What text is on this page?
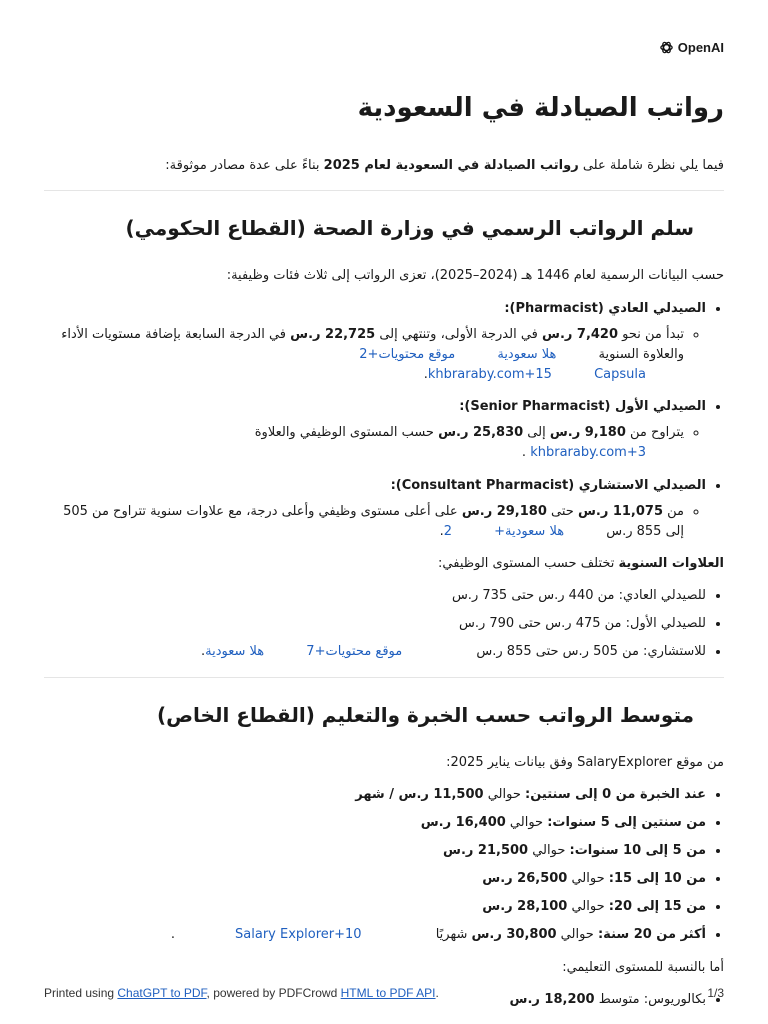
OpenAI
رواتب الصيادلة في السعودية

فيما يلي نظرة شاملة على رواتب الصيادلة في السعودية لعام 2025 بناءً على عدة مصادر موثوقة:

سلم الرواتب الرسمي في وزارة الصحة (القطاع الحكومي)

حسب البيانات الرسمية لعام 1446 هـ (2024–2025)، تعزى الرواتب إلى ثلاث فئات وظيفية:

• الصيدلي العادي (Pharmacist):
◦ تبدأ من نحو 7,420 ر.س في الدرجة الأولى، وتنتهي إلى 22,725 ر.س في الدرجة السابعة بإضافة مستويات الأداء والعلاوة السنوية هلا سعودية موقع محتويات+2
khbraraby.com+15	Capsula.
• الصيدلي الأول (Senior Pharmacist):
◦ يتراوح من 9,180 ر.س إلى 25,830 ر.س حسب المستوى الوظيفي والعلاوة
khbraraby.com+3 .
• الصيدلي الاستشاري (Consultant Pharmacist):
◦ من 11,075 ر.س حتى 29,180 ر.س على أعلى مستوى وظيفي وأعلى درجة، مع علاوات سنوية تتراوح من 505 إلى 855 ر.س هلا سعودية+ 2.

العلاوات السنوية تختلف حسب المستوى الوظيفي:

• للصيدلي العادي: من 440 ر.س حتى 735 ر.س
• للصيدلي الأول: من 475 ر.س حتى 790 ر.س
• للاستشاري: من 505 ر.س حتى 855 ر.س موقع محتويات+7 هلا سعودية.
متوسط الرواتب حسب الخبرة والتعليم (القطاع الخاص)

من موقع SalaryExplorer وفق بيانات يناير 2025:

• عند الخبرة من 0 إلى سنتين: حوالي 11,500 ر.س / شهر
• من سنتين إلى 5 سنوات: حوالي 16,400 ر.س
• من 5 إلى 10 سنوات: حوالي 21,500 ر.س
• من 10 إلى 15: حوالي 26,500 ر.س
• من 15 إلى 20: حوالي 28,100 ر.س
• أكثر من 20 سنة: حوالي 30,800 ر.س شهريًا Salary Explorer+10.

أما بالنسبة للمستوى التعليمي:

• بكالوريوس: متوسط 18,200 ر.س
Printed using ChatGPT to PDF, powered by PDFCrowd HTML to PDF API.	1/3
